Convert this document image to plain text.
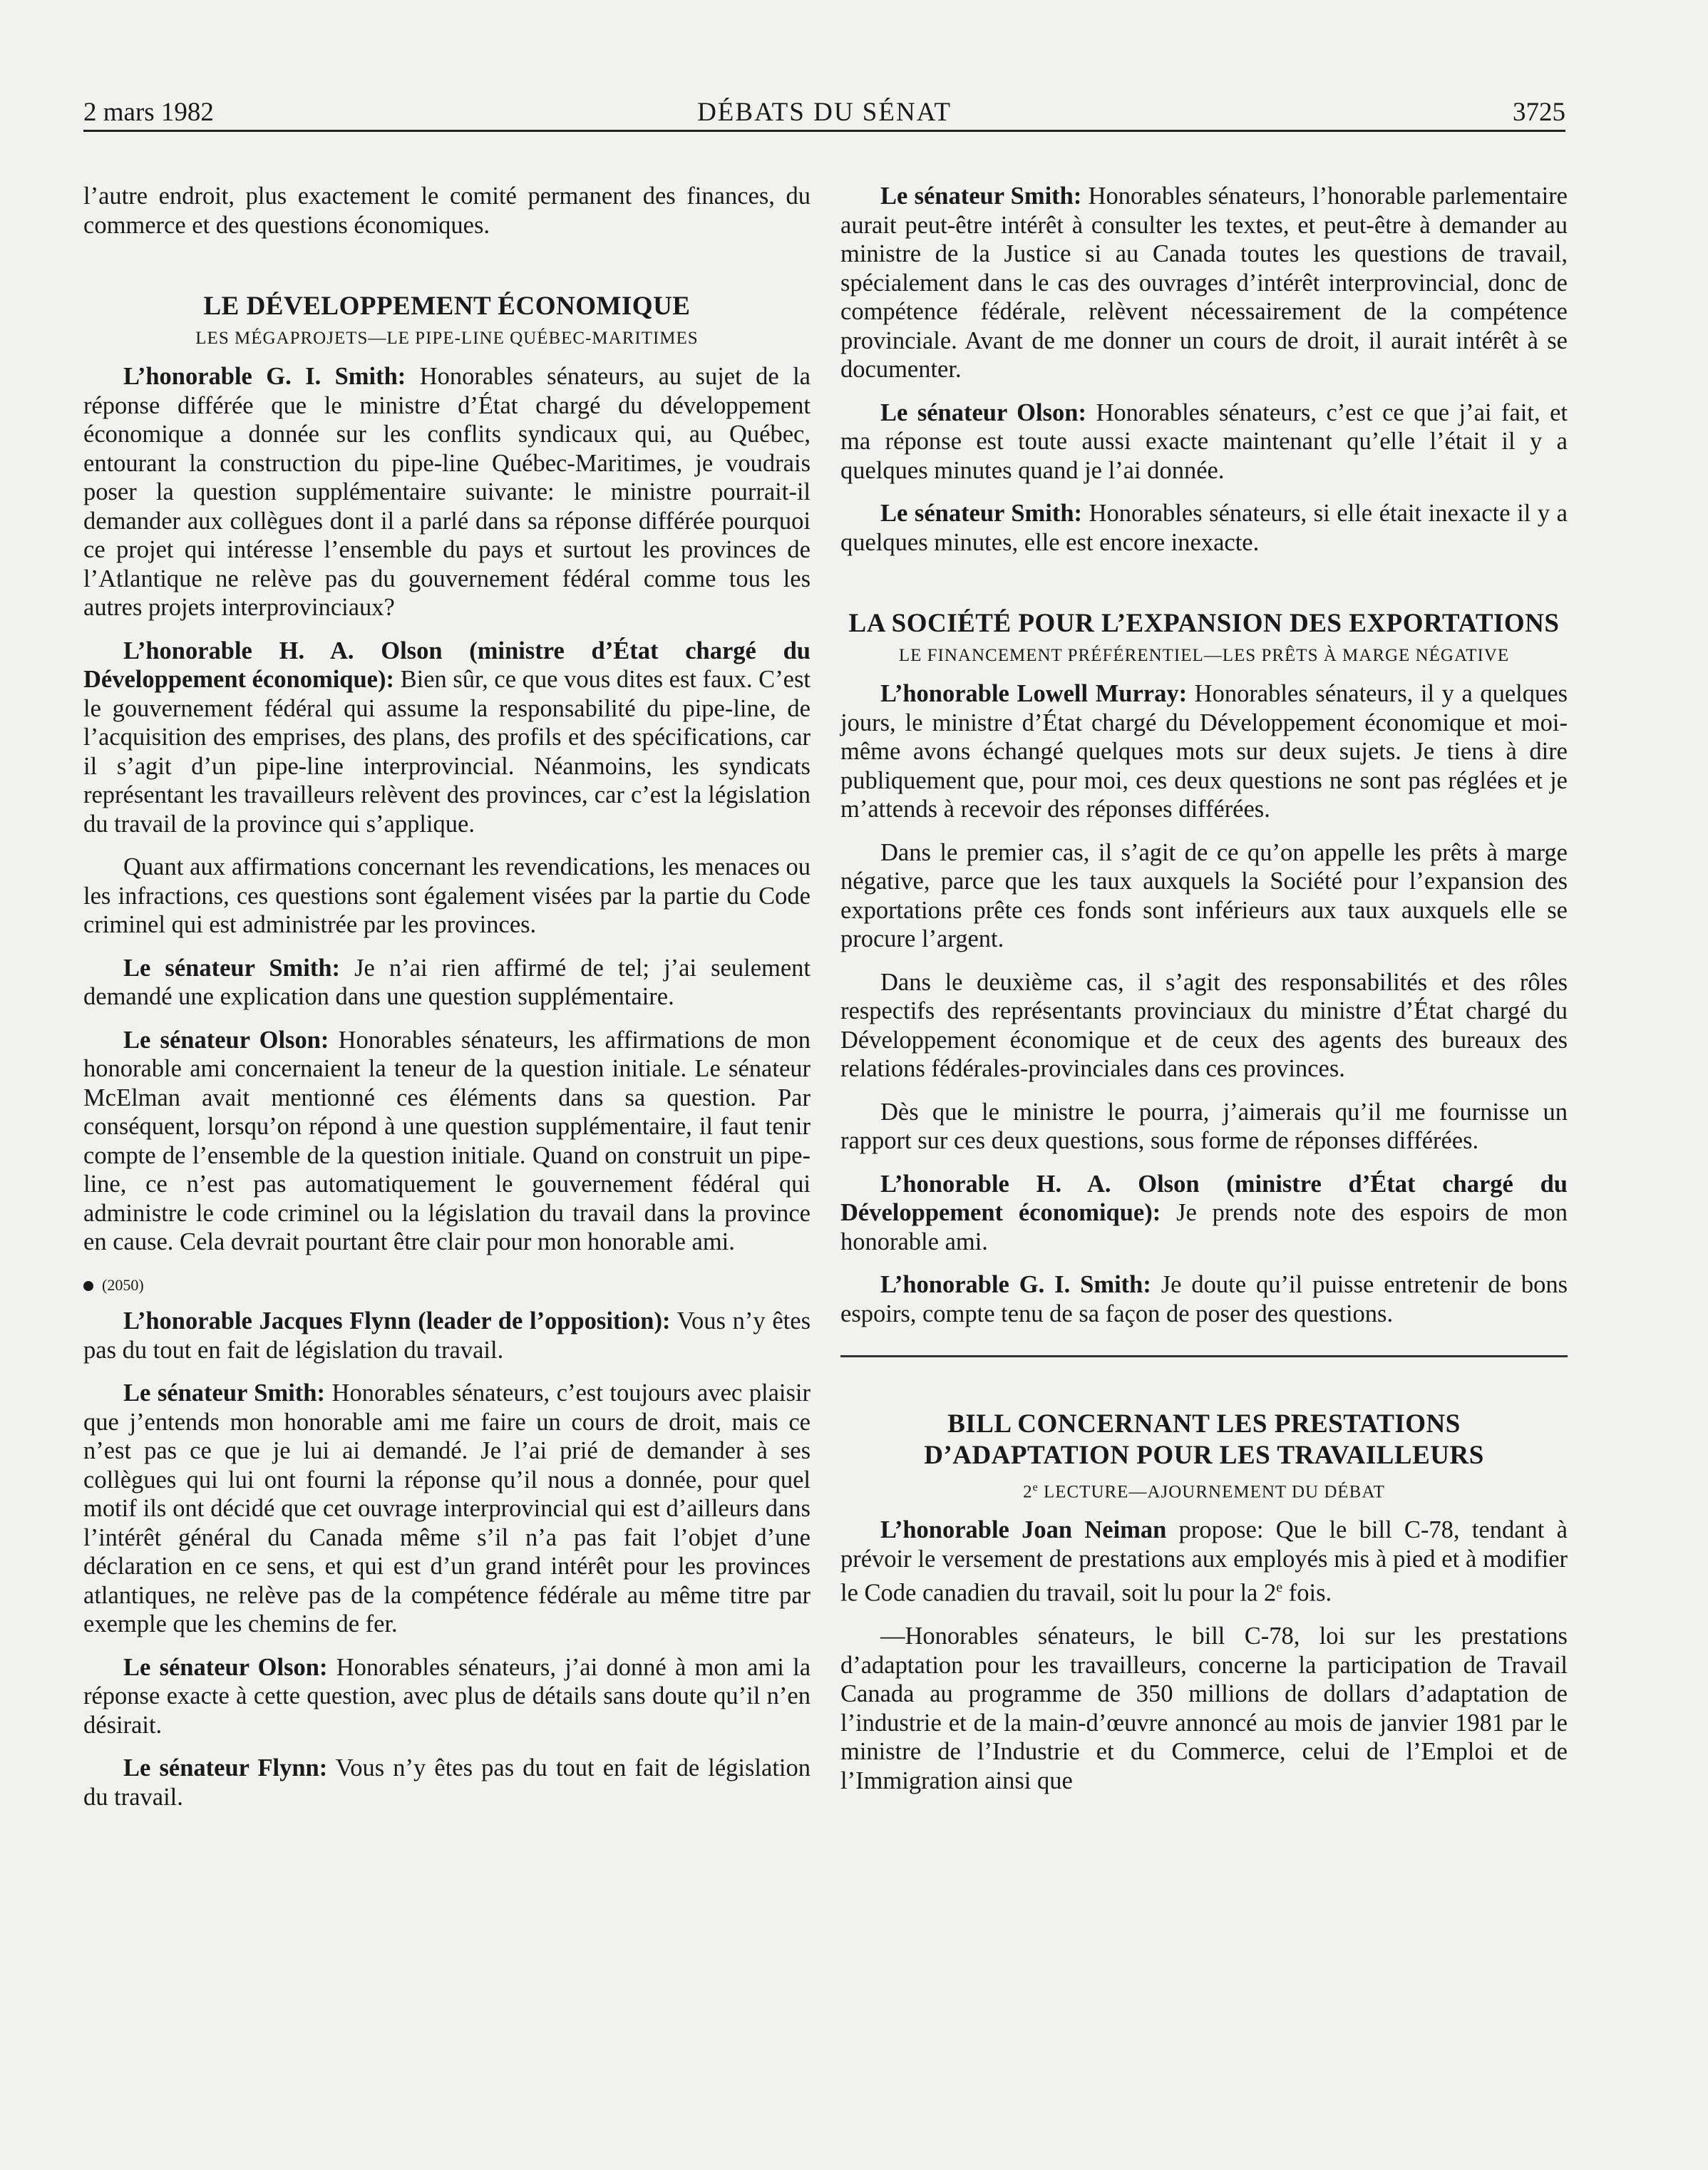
2 mars 1982	DÉBATS DU SÉNAT	3725

l’autre endroit, plus exactement le comité permanent des finances, du commerce et des questions économiques.

LE DÉVELOPPEMENT ÉCONOMIQUE
LES MÉGAPROJETS—LE PIPE-LINE QUÉBEC-MARITIMES

L’honorable G. I. Smith: Honorables sénateurs, au sujet de la réponse différée que le ministre d’État chargé du développement économique a donnée sur les conflits syndicaux qui, au Québec, entourant la construction du pipe-line Québec-Maritimes, je voudrais poser la question supplémentaire suivante: le ministre pourrait-il demander aux collègues dont il a parlé dans sa réponse différée pourquoi ce projet qui intéresse l’ensemble du pays et surtout les provinces de l’Atlantique ne relève pas du gouvernement fédéral comme tous les autres projets interprovinciaux?

L’honorable H. A. Olson (ministre d’État chargé du Développement économique): Bien sûr, ce que vous dites est faux. C’est le gouvernement fédéral qui assume la responsabilité du pipe-line, de l’acquisition des emprises, des plans, des profils et des spécifications, car il s’agit d’un pipe-line interprovincial. Néanmoins, les syndicats représentant les travailleurs relèvent des provinces, car c’est la législation du travail de la province qui s’applique.

Quant aux affirmations concernant les revendications, les menaces ou les infractions, ces questions sont également visées par la partie du Code criminel qui est administrée par les provinces.

Le sénateur Smith: Je n’ai rien affirmé de tel; j’ai seulement demandé une explication dans une question supplémentaire.

Le sénateur Olson: Honorables sénateurs, les affirmations de mon honorable ami concernaient la teneur de la question initiale. Le sénateur McElman avait mentionné ces éléments dans sa question. Par conséquent, lorsqu’on répond à une question supplémentaire, il faut tenir compte de l’ensemble de la question initiale. Quand on construit un pipe-line, ce n’est pas automatiquement le gouvernement fédéral qui administre le code criminel ou la législation du travail dans la province en cause. Cela devrait pourtant être clair pour mon honorable ami.

(2050)

L’honorable Jacques Flynn (leader de l’opposition): Vous n’y êtes pas du tout en fait de législation du travail.

Le sénateur Smith: Honorables sénateurs, c’est toujours avec plaisir que j’entends mon honorable ami me faire un cours de droit, mais ce n’est pas ce que je lui ai demandé. Je l’ai prié de demander à ses collègues qui lui ont fourni la réponse qu’il nous a donnée, pour quel motif ils ont décidé que cet ouvrage interprovincial qui est d’ailleurs dans l’intérêt général du Canada même s’il n’a pas fait l’objet d’une déclaration en ce sens, et qui est d’un grand intérêt pour les provinces atlantiques, ne relève pas de la compétence fédérale au même titre par exemple que les chemins de fer.

Le sénateur Olson: Honorables sénateurs, j’ai donné à mon ami la réponse exacte à cette question, avec plus de détails sans doute qu’il n’en désirait.

Le sénateur Flynn: Vous n’y êtes pas du tout en fait de législation du travail.

Le sénateur Smith: Honorables sénateurs, l’honorable parlementaire aurait peut-être intérêt à consulter les textes, et peut-être à demander au ministre de la Justice si au Canada toutes les questions de travail, spécialement dans le cas des ouvrages d’intérêt interprovincial, donc de compétence fédérale, relèvent nécessairement de la compétence provinciale. Avant de me donner un cours de droit, il aurait intérêt à se documenter.

Le sénateur Olson: Honorables sénateurs, c’est ce que j’ai fait, et ma réponse est toute aussi exacte maintenant qu’elle l’était il y a quelques minutes quand je l’ai donnée.

Le sénateur Smith: Honorables sénateurs, si elle était inexacte il y a quelques minutes, elle est encore inexacte.

LA SOCIÉTÉ POUR L’EXPANSION DES EXPORTATIONS
LE FINANCEMENT PRÉFÉRENTIEL—LES PRÊTS À MARGE NÉGATIVE

L’honorable Lowell Murray: Honorables sénateurs, il y a quelques jours, le ministre d’État chargé du Développement économique et moi-même avons échangé quelques mots sur deux sujets. Je tiens à dire publiquement que, pour moi, ces deux questions ne sont pas réglées et je m’attends à recevoir des réponses différées.

Dans le premier cas, il s’agit de ce qu’on appelle les prêts à marge négative, parce que les taux auxquels la Société pour l’expansion des exportations prête ces fonds sont inférieurs aux taux auxquels elle se procure l’argent.

Dans le deuxième cas, il s’agit des responsabilités et des rôles respectifs des représentants provinciaux du ministre d’État chargé du Développement économique et de ceux des agents des bureaux des relations fédérales-provinciales dans ces provinces.

Dès que le ministre le pourra, j’aimerais qu’il me fournisse un rapport sur ces deux questions, sous forme de réponses différées.

L’honorable H. A. Olson (ministre d’État chargé du Développement économique): Je prends note des espoirs de mon honorable ami.

L’honorable G. I. Smith: Je doute qu’il puisse entretenir de bons espoirs, compte tenu de sa façon de poser des questions.

BILL CONCERNANT LES PRESTATIONS
D’ADAPTATION POUR LES TRAVAILLEURS
2e LECTURE—AJOURNEMENT DU DÉBAT

L’honorable Joan Neiman propose: Que le bill C-78, tendant à prévoir le versement de prestations aux employés mis à pied et à modifier le Code canadien du travail, soit lu pour la 2e fois.

—Honorables sénateurs, le bill C-78, loi sur les prestations d’adaptation pour les travailleurs, concerne la participation de Travail Canada au programme de 350 millions de dollars d’adaptation de l’industrie et de la main-d’œuvre annoncé au mois de janvier 1981 par le ministre de l’Industrie et du Commerce, celui de l’Emploi et de l’Immigration ainsi que
